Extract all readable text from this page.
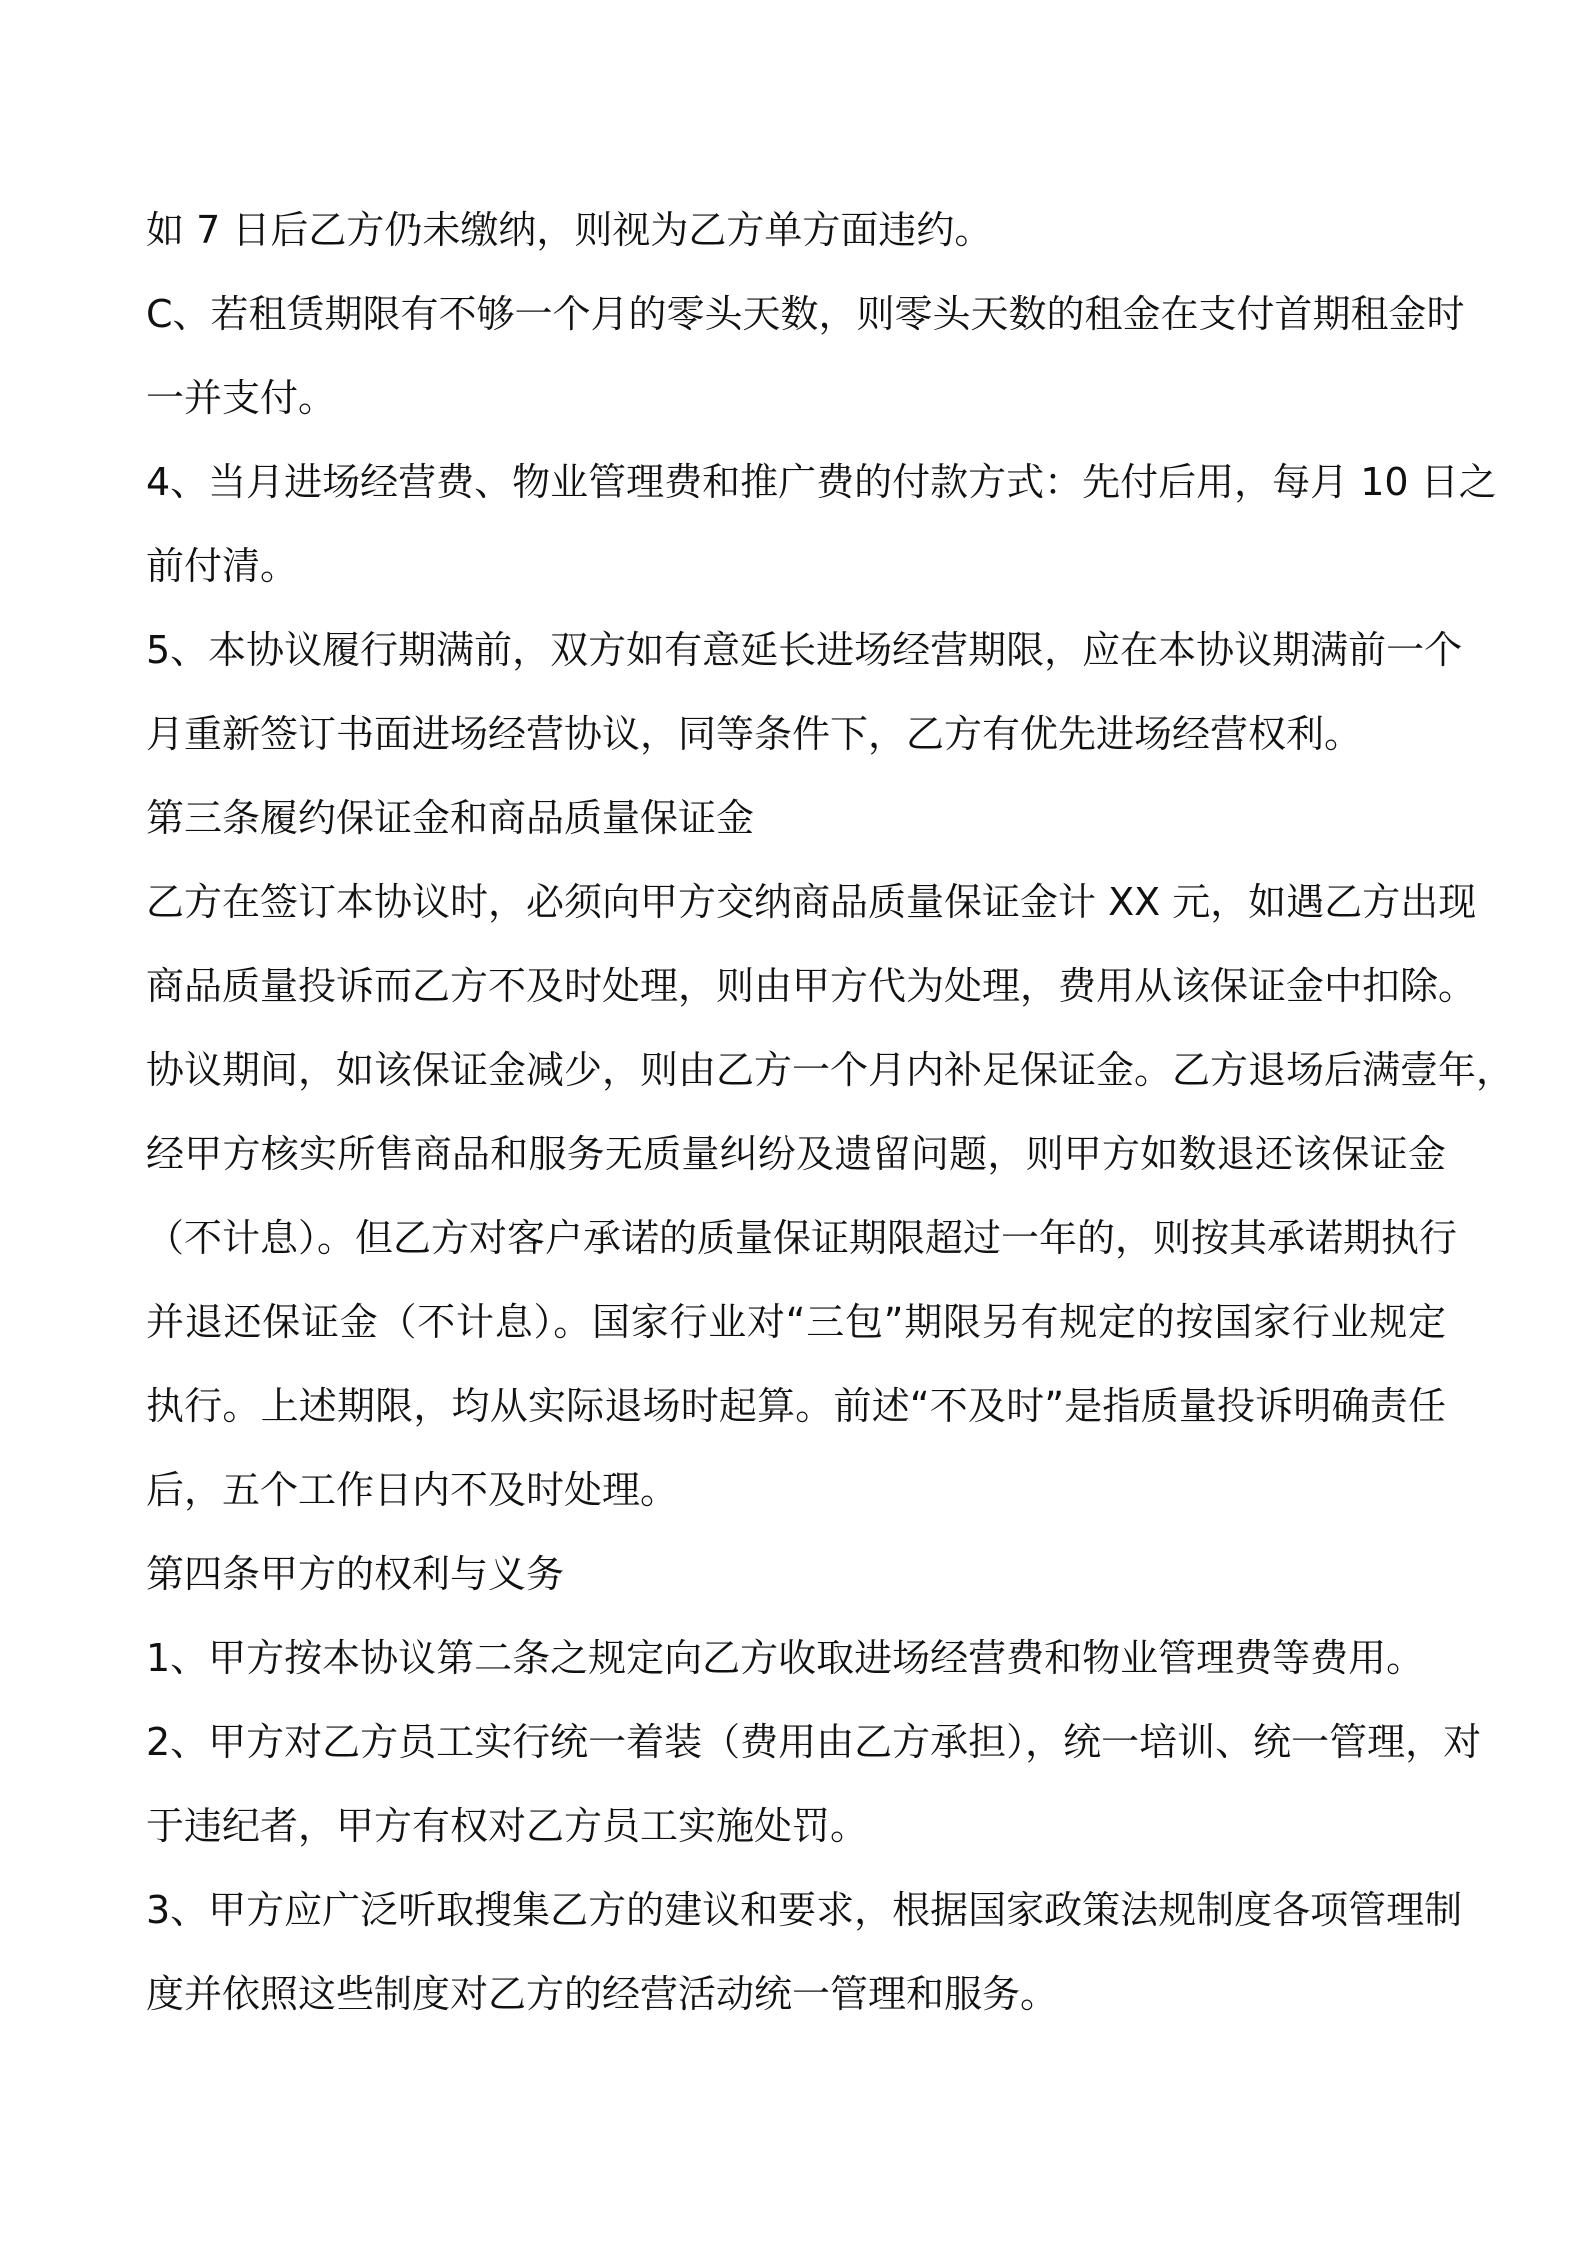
如 7 日后乙方仍未缴纳，则视为乙方单方面违约。
C、若租赁期限有不够一个月的零头天数，则零头天数的租金在支付首期租金时
一并支付。
4、当月进场经营费、物业管理费和推广费的付款方式：先付后用，每月 10 日之
前付清。
5、本协议履行期满前，双方如有意延长进场经营期限，应在本协议期满前一个
月重新签订书面进场经营协议，同等条件下，乙方有优先进场经营权利。
第三条履约保证金和商品质量保证金
乙方在签订本协议时，必须向甲方交纳商品质量保证金计 XX 元，如遇乙方出现
商品质量投诉而乙方不及时处理，则由甲方代为处理，费用从该保证金中扣除。
协议期间，如该保证金减少，则由乙方一个月内补足保证金。乙方退场后满壹年，
经甲方核实所售商品和服务无质量纠纷及遗留问题，则甲方如数退还该保证金
（不计息）。但乙方对客户承诺的质量保证期限超过一年的，则按其承诺期执行
并退还保证金（不计息）。国家行业对“三包”期限另有规定的按国家行业规定
执行。上述期限，均从实际退场时起算。前述“不及时”是指质量投诉明确责任
后，五个工作日内不及时处理。
第四条甲方的权利与义务
1、甲方按本协议第二条之规定向乙方收取进场经营费和物业管理费等费用。
2、甲方对乙方员工实行统一着装（费用由乙方承担），统一培训、统一管理，对
于违纪者，甲方有权对乙方员工实施处罚。
3、甲方应广泛听取搜集乙方的建议和要求，根据国家政策法规制度各项管理制
度并依照这些制度对乙方的经营活动统一管理和服务。
